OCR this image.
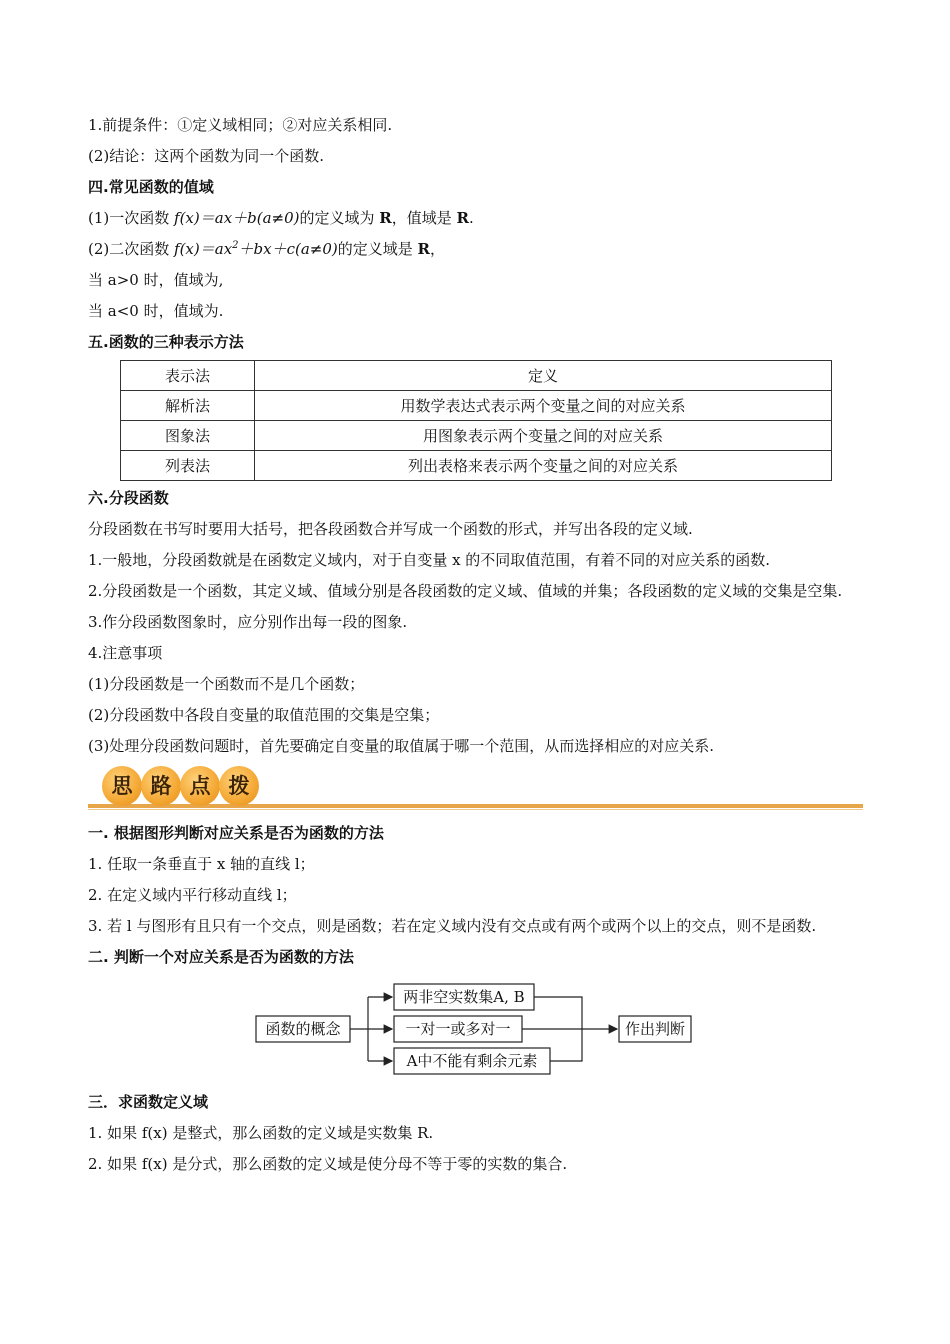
1.前提条件：①定义域相同；②对应关系相同.
(2)结论：这两个函数为同一个函数.
四.常见函数的值域
(1)一次函数 f(x)＝ax＋b(a≠0)的定义域为 R，值域是 R.
(2)二次函数 $f(x)=ax^2+bx+c(a\ne 0)$的定义域是 R，
当 a>0 时，值域为,
当 a<0 时，值域为.
五.函数的三种表示方法
表示法	定义
解析法	用数学表达式表示两个变量之间的对应关系
图象法	用图象表示两个变量之间的对应关系
列表法	列出表格来表示两个变量之间的对应关系
六.分段函数
分段函数在书写时要用大括号，把各段函数合并写成一个函数的形式，并写出各段的定义域.
1.一般地，分段函数就是在函数定义域内，对于自变量 x 的不同取值范围，有着不同的对应关系的函数.
2.分段函数是一个函数，其定义域、值域分别是各段函数的定义域、值域的并集；各段函数的定义域的交集是空集.
3.作分段函数图象时，应分别作出每一段的图象.
4.注意事项
(1)分段函数是一个函数而不是几个函数；
(2)分段函数中各段自变量的取值范围的交集是空集；
(3)处理分段函数问题时，首先要确定自变量的取值属于哪一个范围，从而选择相应的对应关系.
思 路 点 拨
一. 根据图形判断对应关系是否为函数的方法
1. 任取一条垂直于 x 轴的直线 l；
2. 在定义域内平行移动直线 l；
3. 若 l 与图形有且只有一个交点，则是函数；若在定义域内没有交点或有两个或两个以上的交点，则不是函数.
二. 判断一个对应关系是否为函数的方法
函数的概念
两非空实数集A, B
一对一或多对一
A中不能有剩余元素
作出判断
三．求函数定义域
1. 如果 f(x) 是整式，那么函数的定义域是实数集 R.
2. 如果 f(x) 是分式，那么函数的定义域是使分母不等于零的实数的集合.
